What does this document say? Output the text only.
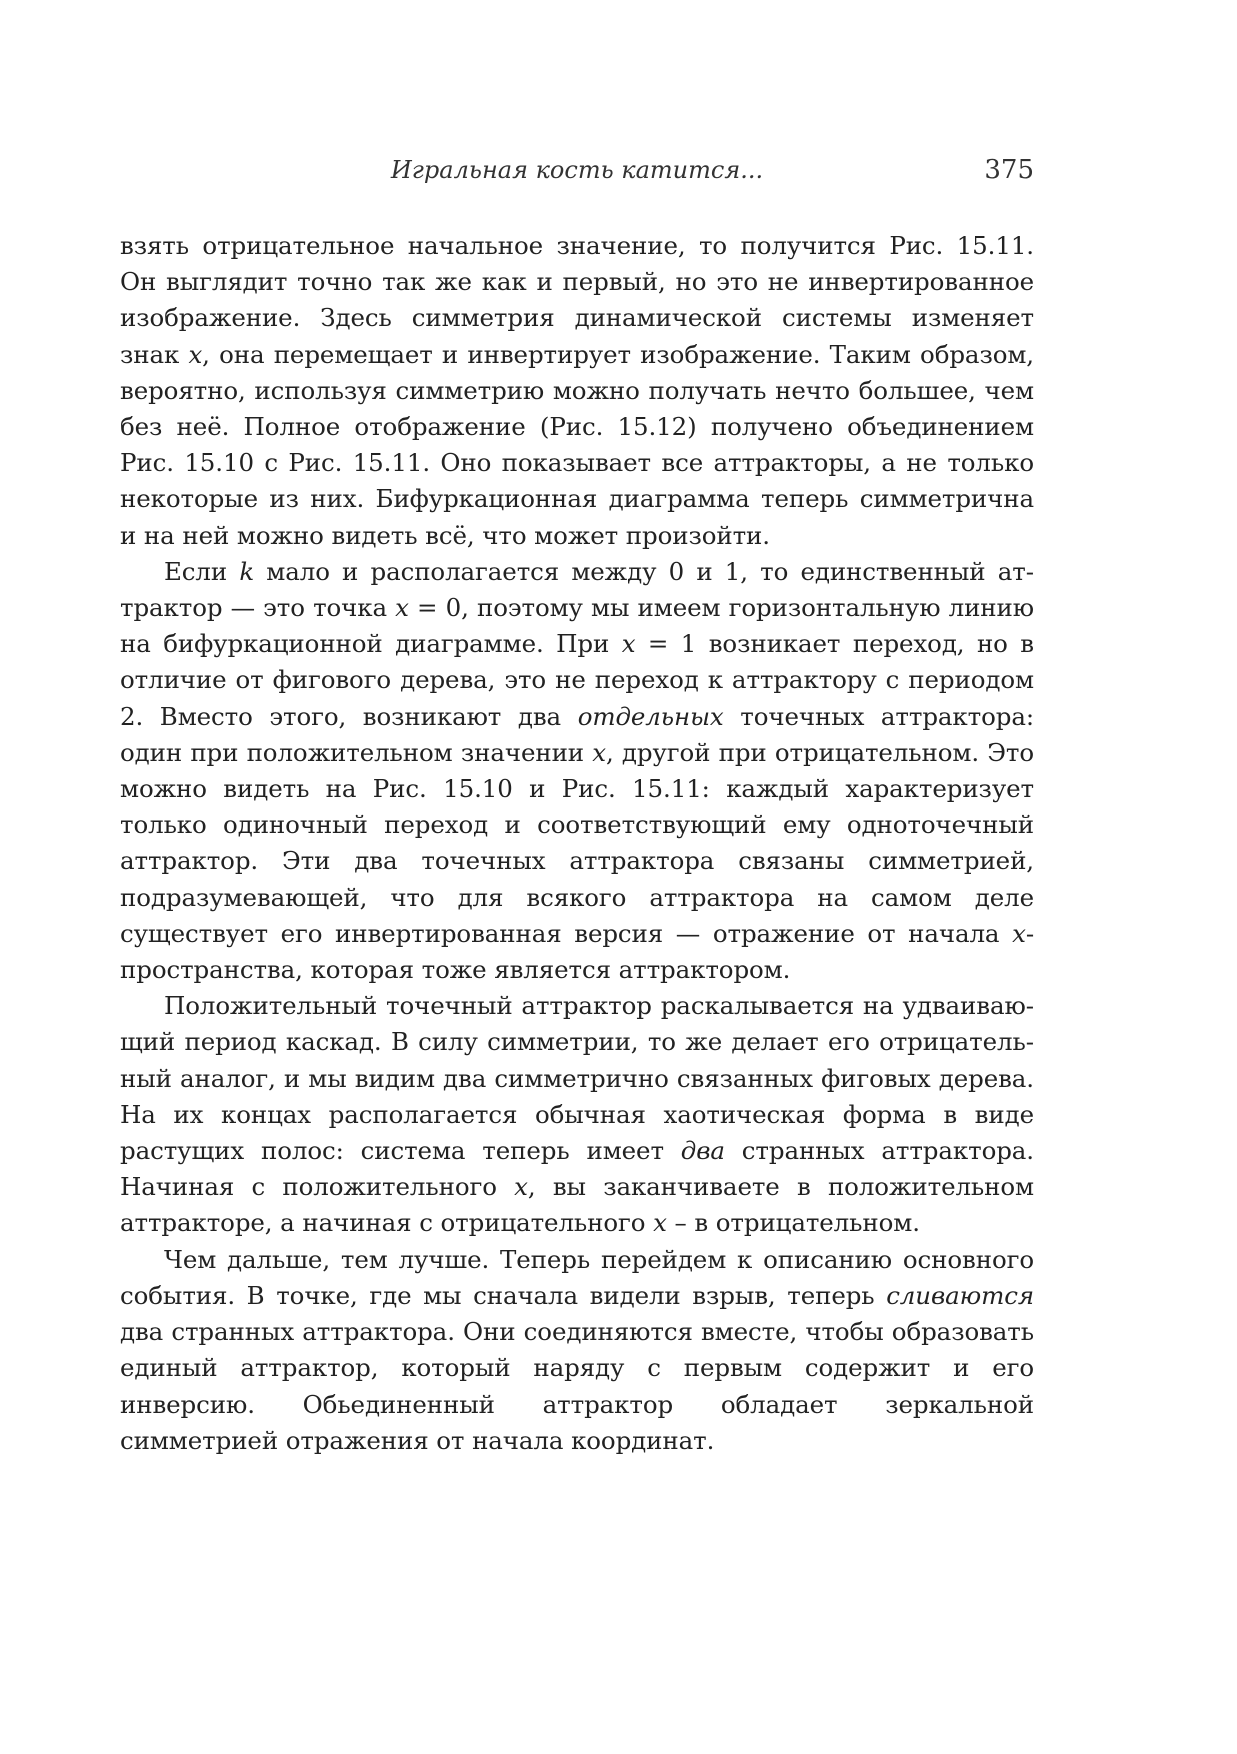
Игральная кость катится...	375

взять отрицательное начальное значение, то получится Рис. 15.11. Он выглядит точно так же как и первый, но это не инвертированное изображение. Здесь симметрия динамической системы изменяет знак x, она перемещает и инвертирует изображение. Таким образом, вероятно, используя симметрию можно получать нечто большее, чем без неё. Полное отображение (Рис. 15.12) получено объединением Рис. 15.10 с Рис. 15.11. Оно показывает все аттракторы, а не только некоторые из них. Бифуркационная диаграмма теперь симметрична и на ней можно видеть всё, что может произойти.

Если k мало и располагается между 0 и 1, то единственный аттрактор — это точка x = 0, поэтому мы имеем горизонтальную линию на бифуркационной диаграмме. При x = 1 возникает переход, но в отличие от фигового дерева, это не переход к аттрактору с периодом 2. Вместо этого, возникают два отдельных точечных аттрактора: один при положительном значении x, другой при отрицательном. Это можно видеть на Рис. 15.10 и Рис. 15.11: каждый характеризует только одиночный переход и соответствующий ему одноточечный аттрактор. Эти два точечных аттрактора связаны симметрией, подразумевающей, что для всякого аттрактора на самом деле существует его инвертированная версия — отражение от начала x-пространства, которая тоже является аттрактором.

Положительный точечный аттрактор раскалывается на удваивающий период каскад. В силу симметрии, то же делает его отрицательный аналог, и мы видим два симметрично связанных фиговых дерева. На их концах располагается обычная хаотическая форма в виде растущих полос: система теперь имеет два странных аттрактора. Начиная с положительного x, вы заканчиваете в положительном аттракторе, а начиная с отрицательного x – в отрицательном.

Чем дальше, тем лучше. Теперь перейдем к описанию основного события. В точке, где мы сначала видели взрыв, теперь сливаются два странных аттрактора. Они соединяются вместе, чтобы образовать единый аттрактор, который наряду с первым содержит и его инверсию. Обьединенный аттрактор обладает зеркальной симметрией отражения от начала координат.
